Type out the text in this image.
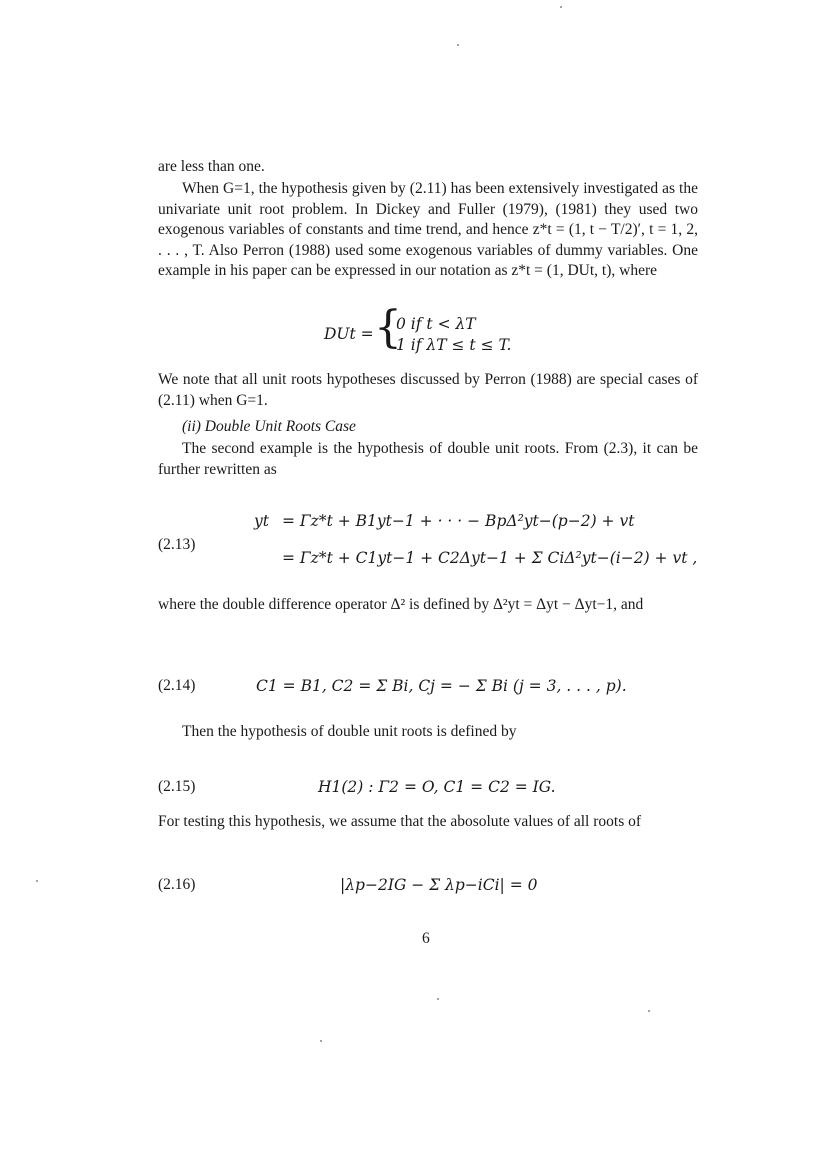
are less than one.
When G=1, the hypothesis given by (2.11) has been extensively investigated as the univariate unit root problem. In Dickey and Fuller (1979), (1981) they used two exogenous variables of constants and time trend, and hence z*t = (1, t − T/2)′, t = 1, 2, . . . , T. Also Perron (1988) used some exogenous variables of dummy variables. One example in his paper can be expressed in our notation as z*t = (1, DUt, t), where
DUt = {
0 if t < λT
1 if λT ≤ t ≤ T.
We note that all unit roots hypotheses discussed by Perron (1988) are special cases of (2.11) when G=1.
(ii) Double Unit Roots Case
The second example is the hypothesis of double unit roots. From (2.3), it can be further rewritten as
(2.13)
yt = Γz*t + B1yt−1 + · · · − BpΔ²yt−(p−2) + vt
= Γz*t + C1yt−1 + C2Δyt−1 + Σ CiΔ²yt−(i−2) + vt ,
where the double difference operator Δ² is defined by Δ²yt = Δyt − Δyt−1, and
(2.14)	C1 = B1, C2 = Σ Bi, Cj = − Σ Bi (j = 3, . . . , p).
Then the hypothesis of double unit roots is defined by
(2.15)	H1(2) : Γ2 = O, C1 = C2 = IG.
For testing this hypothesis, we assume that the abosolute values of all roots of
(2.16)	|λp−2IG − Σ λp−iCi| = 0
6
